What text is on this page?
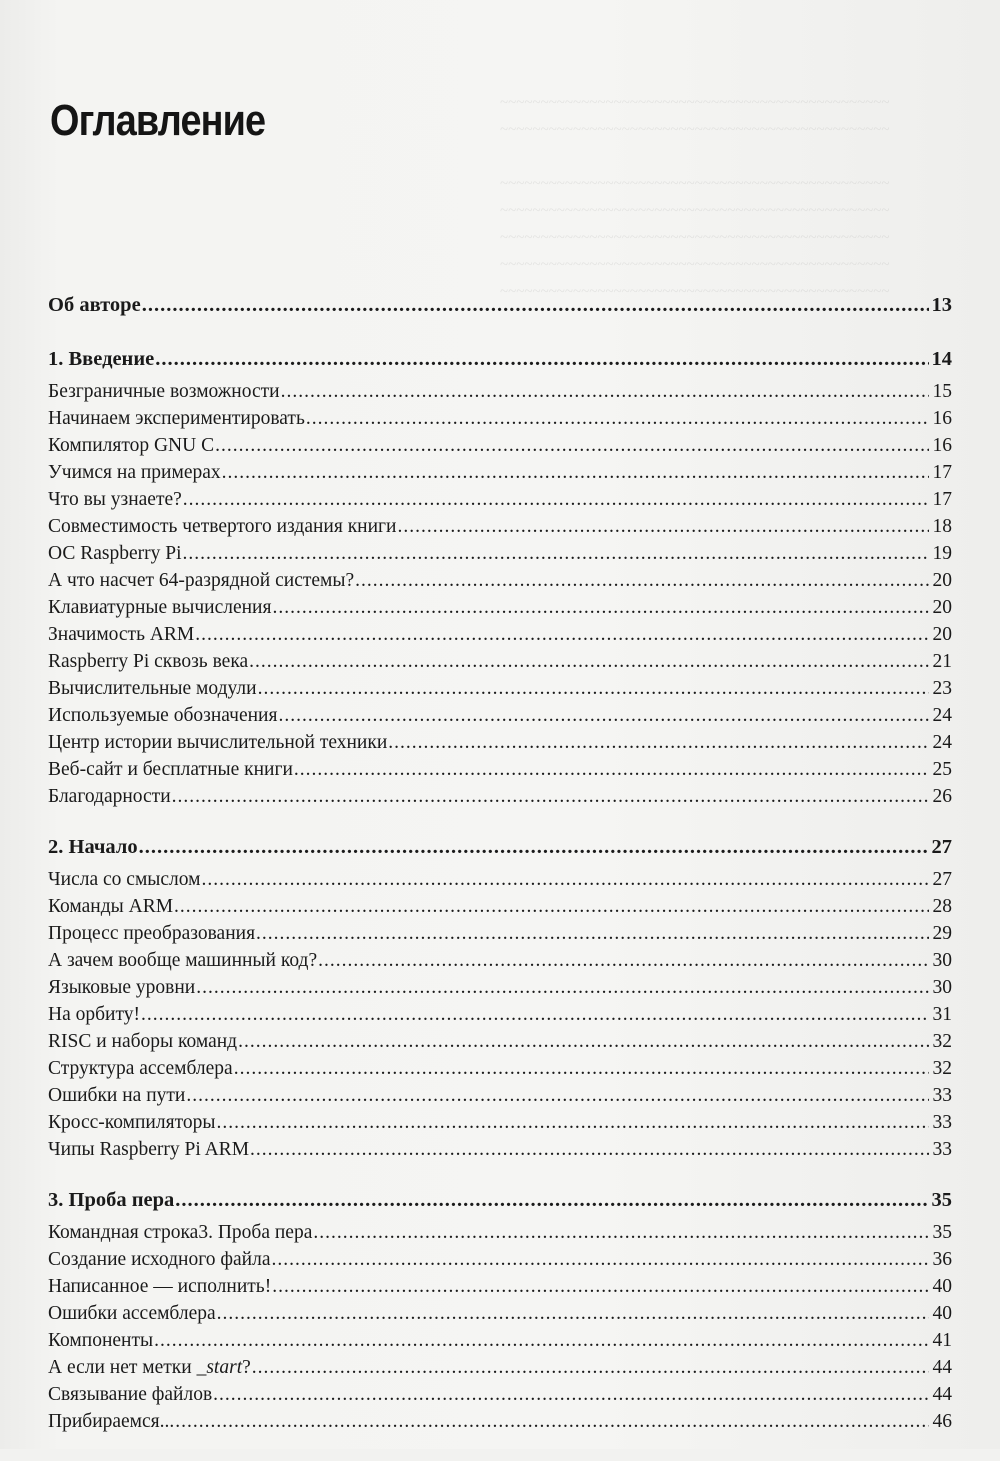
~~~~~~~~~~~~~~~~~~~~~~~~~~~~~~~~~~~~~~~~~~~~~~~~
~~~~~~~~~~~~~~~~~~~~~~~~~~~~~~~~~~~~~~~~~~~~~~~~

~~~~~~~~~~~~~~~~~~~~~~~~~~~~~~~~~~~~~~~~~~~~~~~~
~~~~~~~~~~~~~~~~~~~~~~~~~~~~~~~~~~~~~~~~~~~~~~~~
~~~~~~~~~~~~~~~~~~~~~~~~~~~~~~~~~~~~~~~~~~~~~~~~
~~~~~~~~~~~~~~~~~~~~~~~~~~~~~~~~~~~~~~~~~~~~~~~~
~~~~~~~~~~~~~~~~~~~~~~~~~~~~~~~~~~~~~~~~~~~~~~~~

Оглавление
Об авторе .....	13
1. Введение .....	14
Безграничные возможности .....	15
Начинаем экспериментировать .....	16
Компилятор GNU C .....	16
Учимся на примерах .....	17
Что вы узнаете? .....	17
Совместимость четвертого издания книги .....	18
ОС Raspberry Pi .....	19
А что насчет 64-разрядной системы? .....	20
Клавиатурные вычисления .....	20
Значимость ARM .....	20
Raspberry Pi сквозь века .....	21
Вычислительные модули .....	23
Используемые обозначения .....	24
Центр истории вычислительной техники .....	24
Веб-сайт и бесплатные книги .....	25
Благодарности .....	26
2. Начало .....	27
Числа со смыслом .....	27
Команды ARM .....	28
Процесс преобразования .....	29
А зачем вообще машинный код? .....	30
Языковые уровни .....	30
На орбиту! .....	31
RISC и наборы команд .....	32
Структура ассемблера .....	32
Ошибки на пути .....	33
Кросс-компиляторы .....	33
Чипы Raspberry Pi ARM .....	33
3. Проба пера .....	35
Командная строка3. Проба пера .....	35
Создание исходного файла .....	36
Написанное — исполнить! .....	40
Ошибки ассемблера .....	40
Компоненты .....	41
А если нет метки _start? .....	44
Связывание файлов .....	44
Прибираемся... .....	46
